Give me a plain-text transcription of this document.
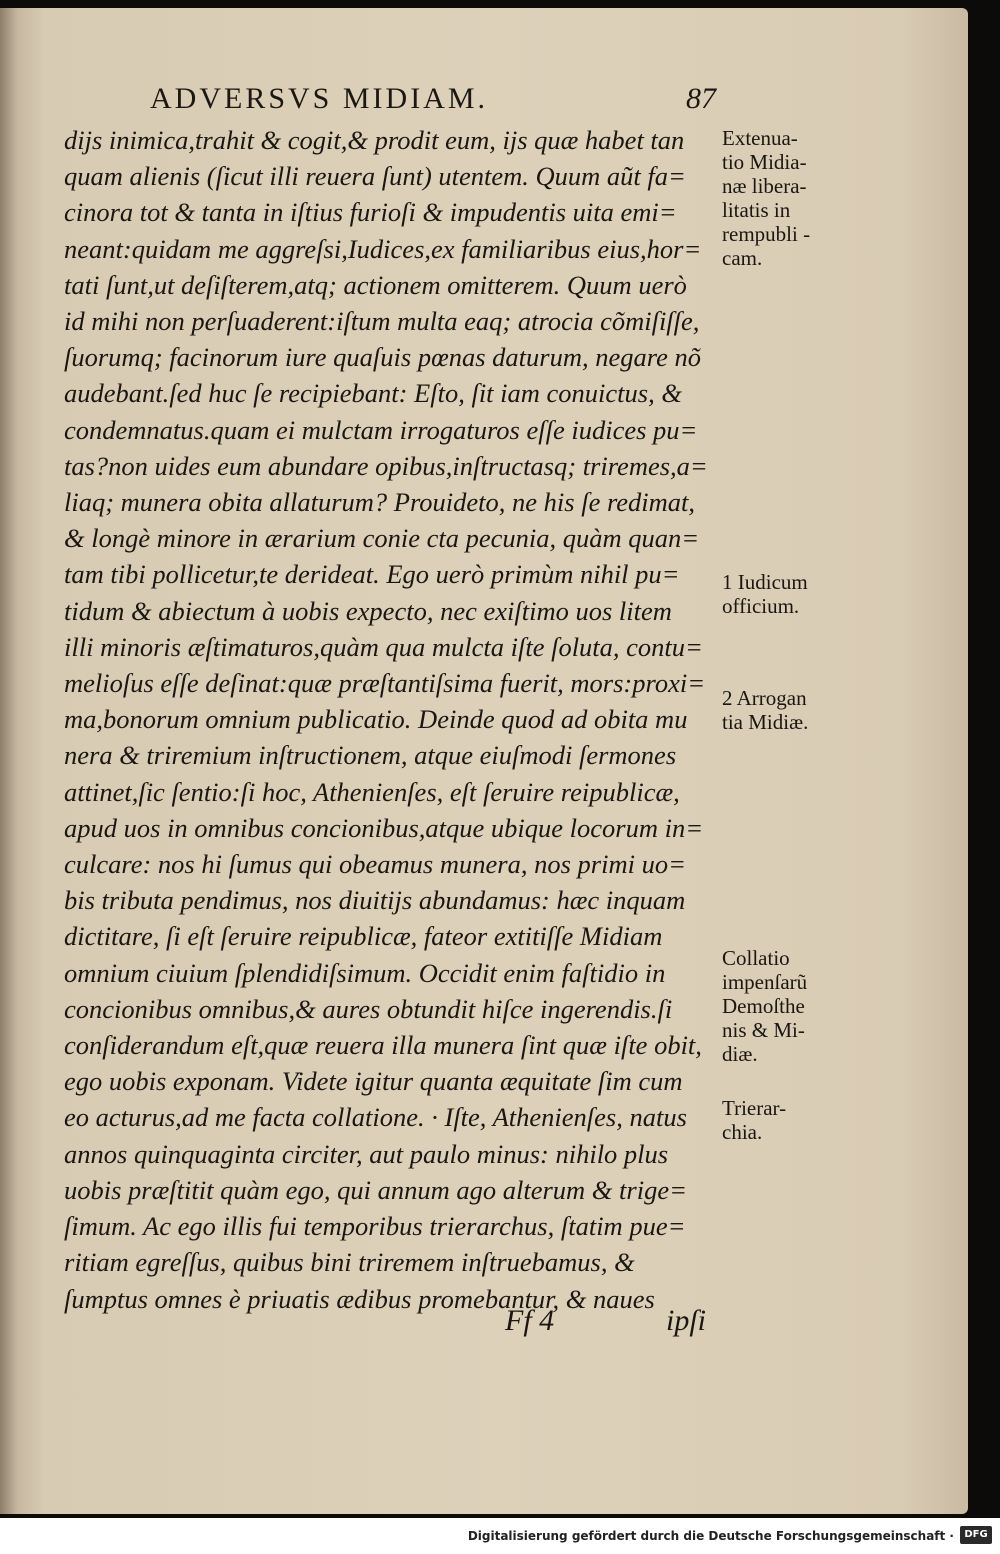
ADVERSVS MIDIAM.	87
dijs inimica,trahit & cogit,& prodit eum, ijs quæ habet tan
quam alienis (ſicut illi reuera ſunt) utentem. Quum aũt fa=
cinora tot & tanta in iſtius furioſi & impudentis uita emi=
neant:quidam me aggreſsi,Iudices,ex familiaribus eius,hor=
tati ſunt,ut deſiſterem,atq; actionem omitterem. Quum uerò
id mihi non perſuaderent:iſtum multa eaq; atrocia cõmiſiſſe,
ſuorumq; facinorum iure quaſuis pœnas daturum, negare nõ
audebant.ſed huc ſe recipiebant: Eſto, ſit iam conuictus, &
condemnatus.quam ei mulctam irrogaturos eſſe iudices pu=
tas?non uides eum abundare opibus,inſtructasq; triremes,a=
liaq; munera obita allaturum? Prouideto, ne his ſe redimat,
& longè minore in ærarium conie cta pecunia, quàm quan=
tam tibi pollicetur,te derideat. Ego uerò primùm nihil pu=
tidum & abiectum à uobis expecto, nec exiſtimo uos litem
illi minoris æſtimaturos,quàm qua mulcta iſte ſoluta, contu=
melioſus eſſe deſinat:quæ præſtantiſsima fuerit, mors:proxi=
ma,bonorum omnium publicatio. Deinde quod ad obita mu
nera & triremium inſtructionem, atque eiuſmodi ſermones
attinet,ſic ſentio:ſi hoc, Athenienſes, eſt ſeruire reipublicæ,
apud uos in omnibus concionibus,atque ubique locorum in=
culcare: nos hi ſumus qui obeamus munera, nos primi uo=
bis tributa pendimus, nos diuitijs abundamus: hæc inquam
dictitare, ſi eſt ſeruire reipublicæ, fateor extitiſſe Midiam
omnium ciuium ſplendidiſsimum. Occidit enim faſtidio in
concionibus omnibus,& aures obtundit hiſce ingerendis.ſi
conſiderandum eſt,quæ reuera illa munera ſint quæ iſte obit,
ego uobis exponam. Videte igitur quanta æquitate ſim cum
eo acturus,ad me facta collatione. · Iſte, Athenienſes, natus
annos quinquaginta circiter, aut paulo minus: nihilo plus
uobis præſtitit quàm ego, qui annum ago alterum & trige=
ſimum. Ac ego illis fui temporibus trierarchus, ſtatim pue=
ritiam egreſſus, quibus bini triremem inſtruebamus, &
ſumptus omnes è priuatis ædibus promebantur, & naues
Extenua-
tio Midia-
næ libera-
litatis in
rempubli -
cam.
1 Iudicum
officium.
2 Arrogan
tia Midiæ.
Collatio
impenſarũ
Demoſthe
nis & Mi-
diæ.
Trierar-
chia.
Ff 4	ipſi
Digitalisierung gefördert durch die Deutsche Forschungsgemeinschaft ·	DFG
